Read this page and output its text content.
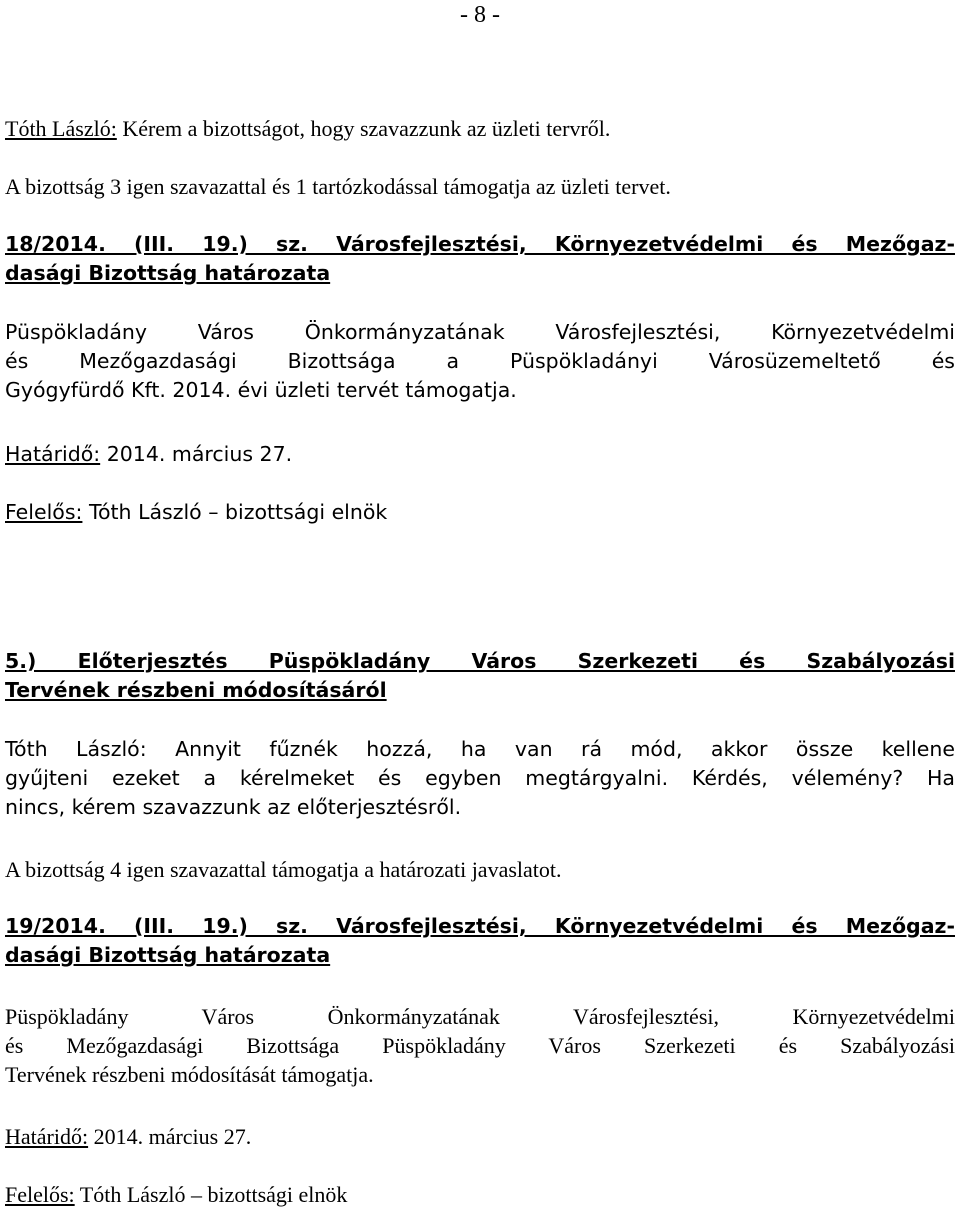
- 8 -
Tóth László: Kérem a bizottságot, hogy szavazzunk az üzleti tervről.
A bizottság 3 igen szavazattal és 1 tartózkodással támogatja az üzleti tervet.
18/2014. (III. 19.) sz. Városfejlesztési, Környezetvédelmi és Mezőgaz-
dasági Bizottság határozata
Püspökladány Város Önkormányzatának Városfejlesztési, Környezetvédelmi
és Mezőgazdasági Bizottsága a Püspökladányi Városüzemeltető és
Gyógyfürdő Kft. 2014. évi üzleti tervét támogatja.
Határidő: 2014. március 27.
Felelős: Tóth László – bizottsági elnök
5.) Előterjesztés Püspökladány Város Szerkezeti és Szabályozási
Tervének részbeni módosításáról
Tóth László: Annyit fűznék hozzá, ha van rá mód, akkor össze kellene
gyűjteni ezeket a kérelmeket és egyben megtárgyalni. Kérdés, vélemény? Ha
nincs, kérem szavazzunk az előterjesztésről.
A bizottság 4 igen szavazattal támogatja a határozati javaslatot.
19/2014. (III. 19.) sz. Városfejlesztési, Környezetvédelmi és Mezőgaz-
dasági Bizottság határozata
Püspökladány Város Önkormányzatának Városfejlesztési, Környezetvédelmi
és Mezőgazdasági Bizottsága Püspökladány Város Szerkezeti és Szabályozási
Tervének részbeni módosítását támogatja.
Határidő: 2014. március 27.
Felelős: Tóth László – bizottsági elnök
